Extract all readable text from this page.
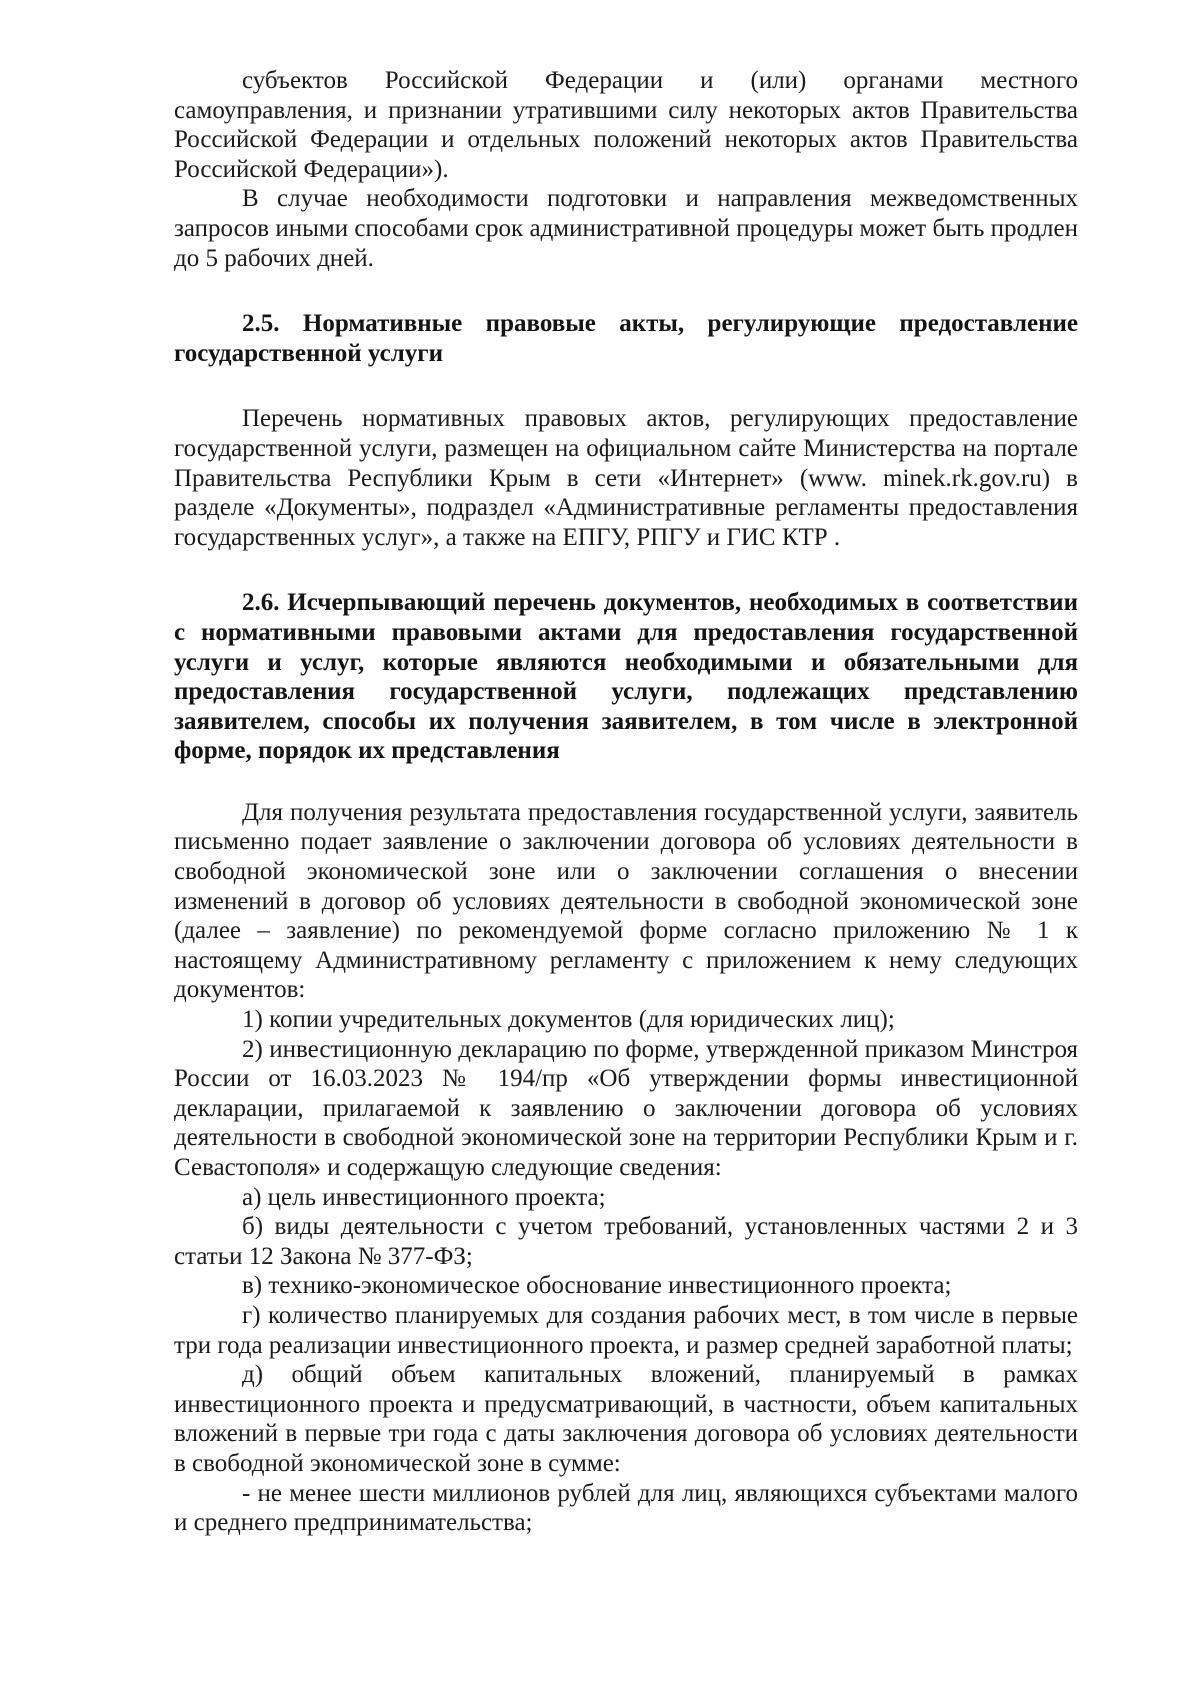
субъектов Российской Федерации и (или) органами местного самоуправления, и признании утратившими силу некоторых актов Правительства Российской Федерации и отдельных положений некоторых актов Правительства Российской Федерации»).

В случае необходимости подготовки и направления межведомственных запросов иными способами срок административной процедуры может быть продлен до 5 рабочих дней.

2.5. Нормативные правовые акты, регулирующие предоставление государственной услуги

Перечень нормативных правовых актов, регулирующих предоставление государственной услуги, размещен на официальном сайте Министерства на портале Правительства Республики Крым в сети «Интернет» (www. minek.rk.gov.ru) в разделе «Документы», подраздел «Административные регламенты предоставления государственных услуг», а также на ЕПГУ, РПГУ и ГИС КТР .

2.6. Исчерпывающий перечень документов, необходимых в соответствии с нормативными правовыми актами для предоставления государственной услуги и услуг, которые являются необходимыми и обязательными для предоставления государственной услуги, подлежащих представлению заявителем, способы их получения заявителем, в том числе в электронной форме, порядок их представления

Для получения результата предоставления государственной услуги, заявитель письменно подает заявление о заключении договора об условиях деятельности в свободной экономической зоне или о заключении соглашения о внесении изменений в договор об условиях деятельности в свободной экономической зоне (далее – заявление) по рекомендуемой форме согласно приложению № 1 к настоящему Административному регламенту с приложением к нему следующих документов:

1) копии учредительных документов (для юридических лиц);

2) инвестиционную декларацию по форме, утвержденной приказом Минстроя России от 16.03.2023 № 194/пр «Об утверждении формы инвестиционной декларации, прилагаемой к заявлению о заключении договора об условиях деятельности в свободной экономической зоне на территории Республики Крым и г. Севастополя» и содержащую следующие сведения:

а) цель инвестиционного проекта;

б) виды деятельности с учетом требований, установленных частями 2 и 3 статьи 12 Закона № 377-ФЗ;

в) технико-экономическое обоснование инвестиционного проекта;

г) количество планируемых для создания рабочих мест, в том числе в первые три года реализации инвестиционного проекта, и размер средней заработной платы;

д) общий объем капитальных вложений, планируемый в рамках инвестиционного проекта и предусматривающий, в частности, объем капитальных вложений в первые три года с даты заключения договора об условиях деятельности в свободной экономической зоне в сумме:

- не менее шести миллионов рублей для лиц, являющихся субъектами малого и среднего предпринимательства;
